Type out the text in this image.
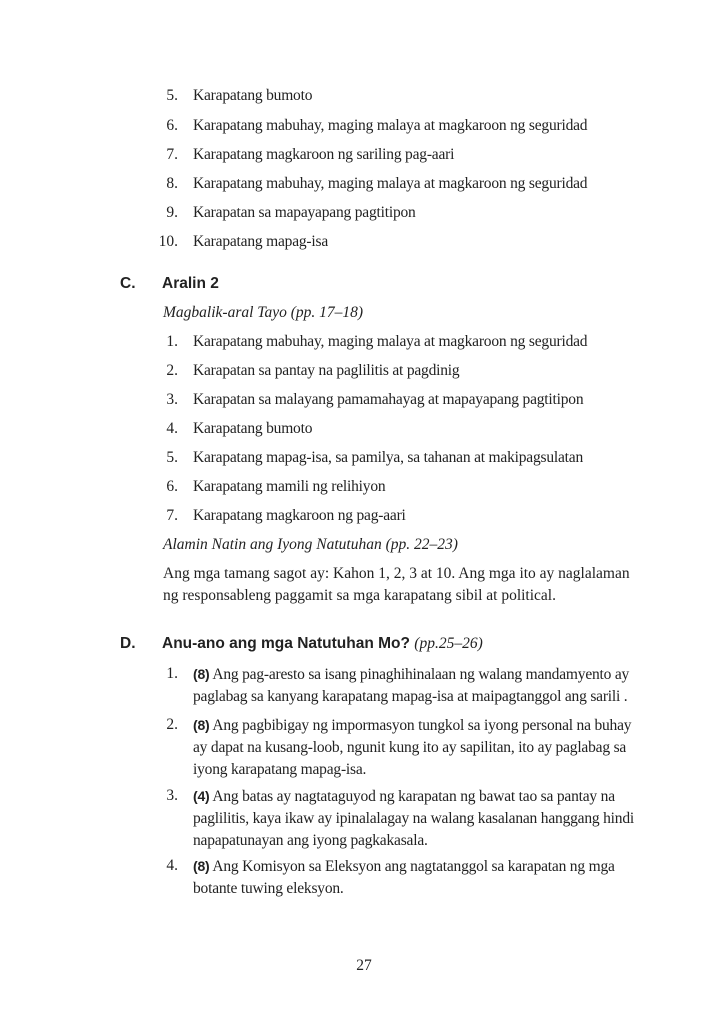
5. Karapatang bumoto
6. Karapatang mabuhay, maging malaya at magkaroon ng seguridad
7. Karapatang magkaroon ng sariling pag-aari
8. Karapatang mabuhay, maging malaya at magkaroon ng seguridad
9. Karapatan sa mapayapang pagtitipon
10. Karapatang mapag-isa
C. Aralin 2
Magbalik-aral Tayo (pp. 17–18)
1. Karapatang mabuhay, maging malaya at magkaroon ng seguridad
2. Karapatan sa pantay na paglilitis at pagdinig
3. Karapatan sa malayang pamamahayag at mapayapang pagtitipon
4. Karapatang bumoto
5. Karapatang mapag-isa, sa pamilya, sa tahanan at makipagsulatan
6. Karapatang mamili ng relihiyon
7. Karapatang magkaroon ng pag-aari
Alamin Natin ang Iyong Natutuhan (pp. 22–23)
Ang mga tamang sagot ay: Kahon 1, 2, 3 at 10. Ang mga ito ay naglalaman
ng responsableng paggamit sa mga karapatang sibil at political.
D. Anu-ano ang mga Natutuhan Mo? (pp.25–26)
1. (8) Ang pag-aresto sa isang pinaghihinalaan ng walang mandamyento ay
paglabag sa kanyang karapatang mapag-isa at maipagtanggol ang sarili .
2. (8) Ang pagbibigay ng impormasyon tungkol sa iyong personal na buhay
ay dapat na kusang-loob, ngunit kung ito ay sapilitan, ito ay paglabag sa
iyong karapatang mapag-isa.
3. (4) Ang batas ay nagtataguyod ng karapatan ng bawat tao sa pantay na
paglilitis, kaya ikaw ay ipinalalagay na walang kasalanan hanggang hindi
napapatunayan ang iyong pagkakasala.
4. (8) Ang Komisyon sa Eleksyon ang nagtatanggol sa karapatan ng mga
botante tuwing eleksyon.
27
